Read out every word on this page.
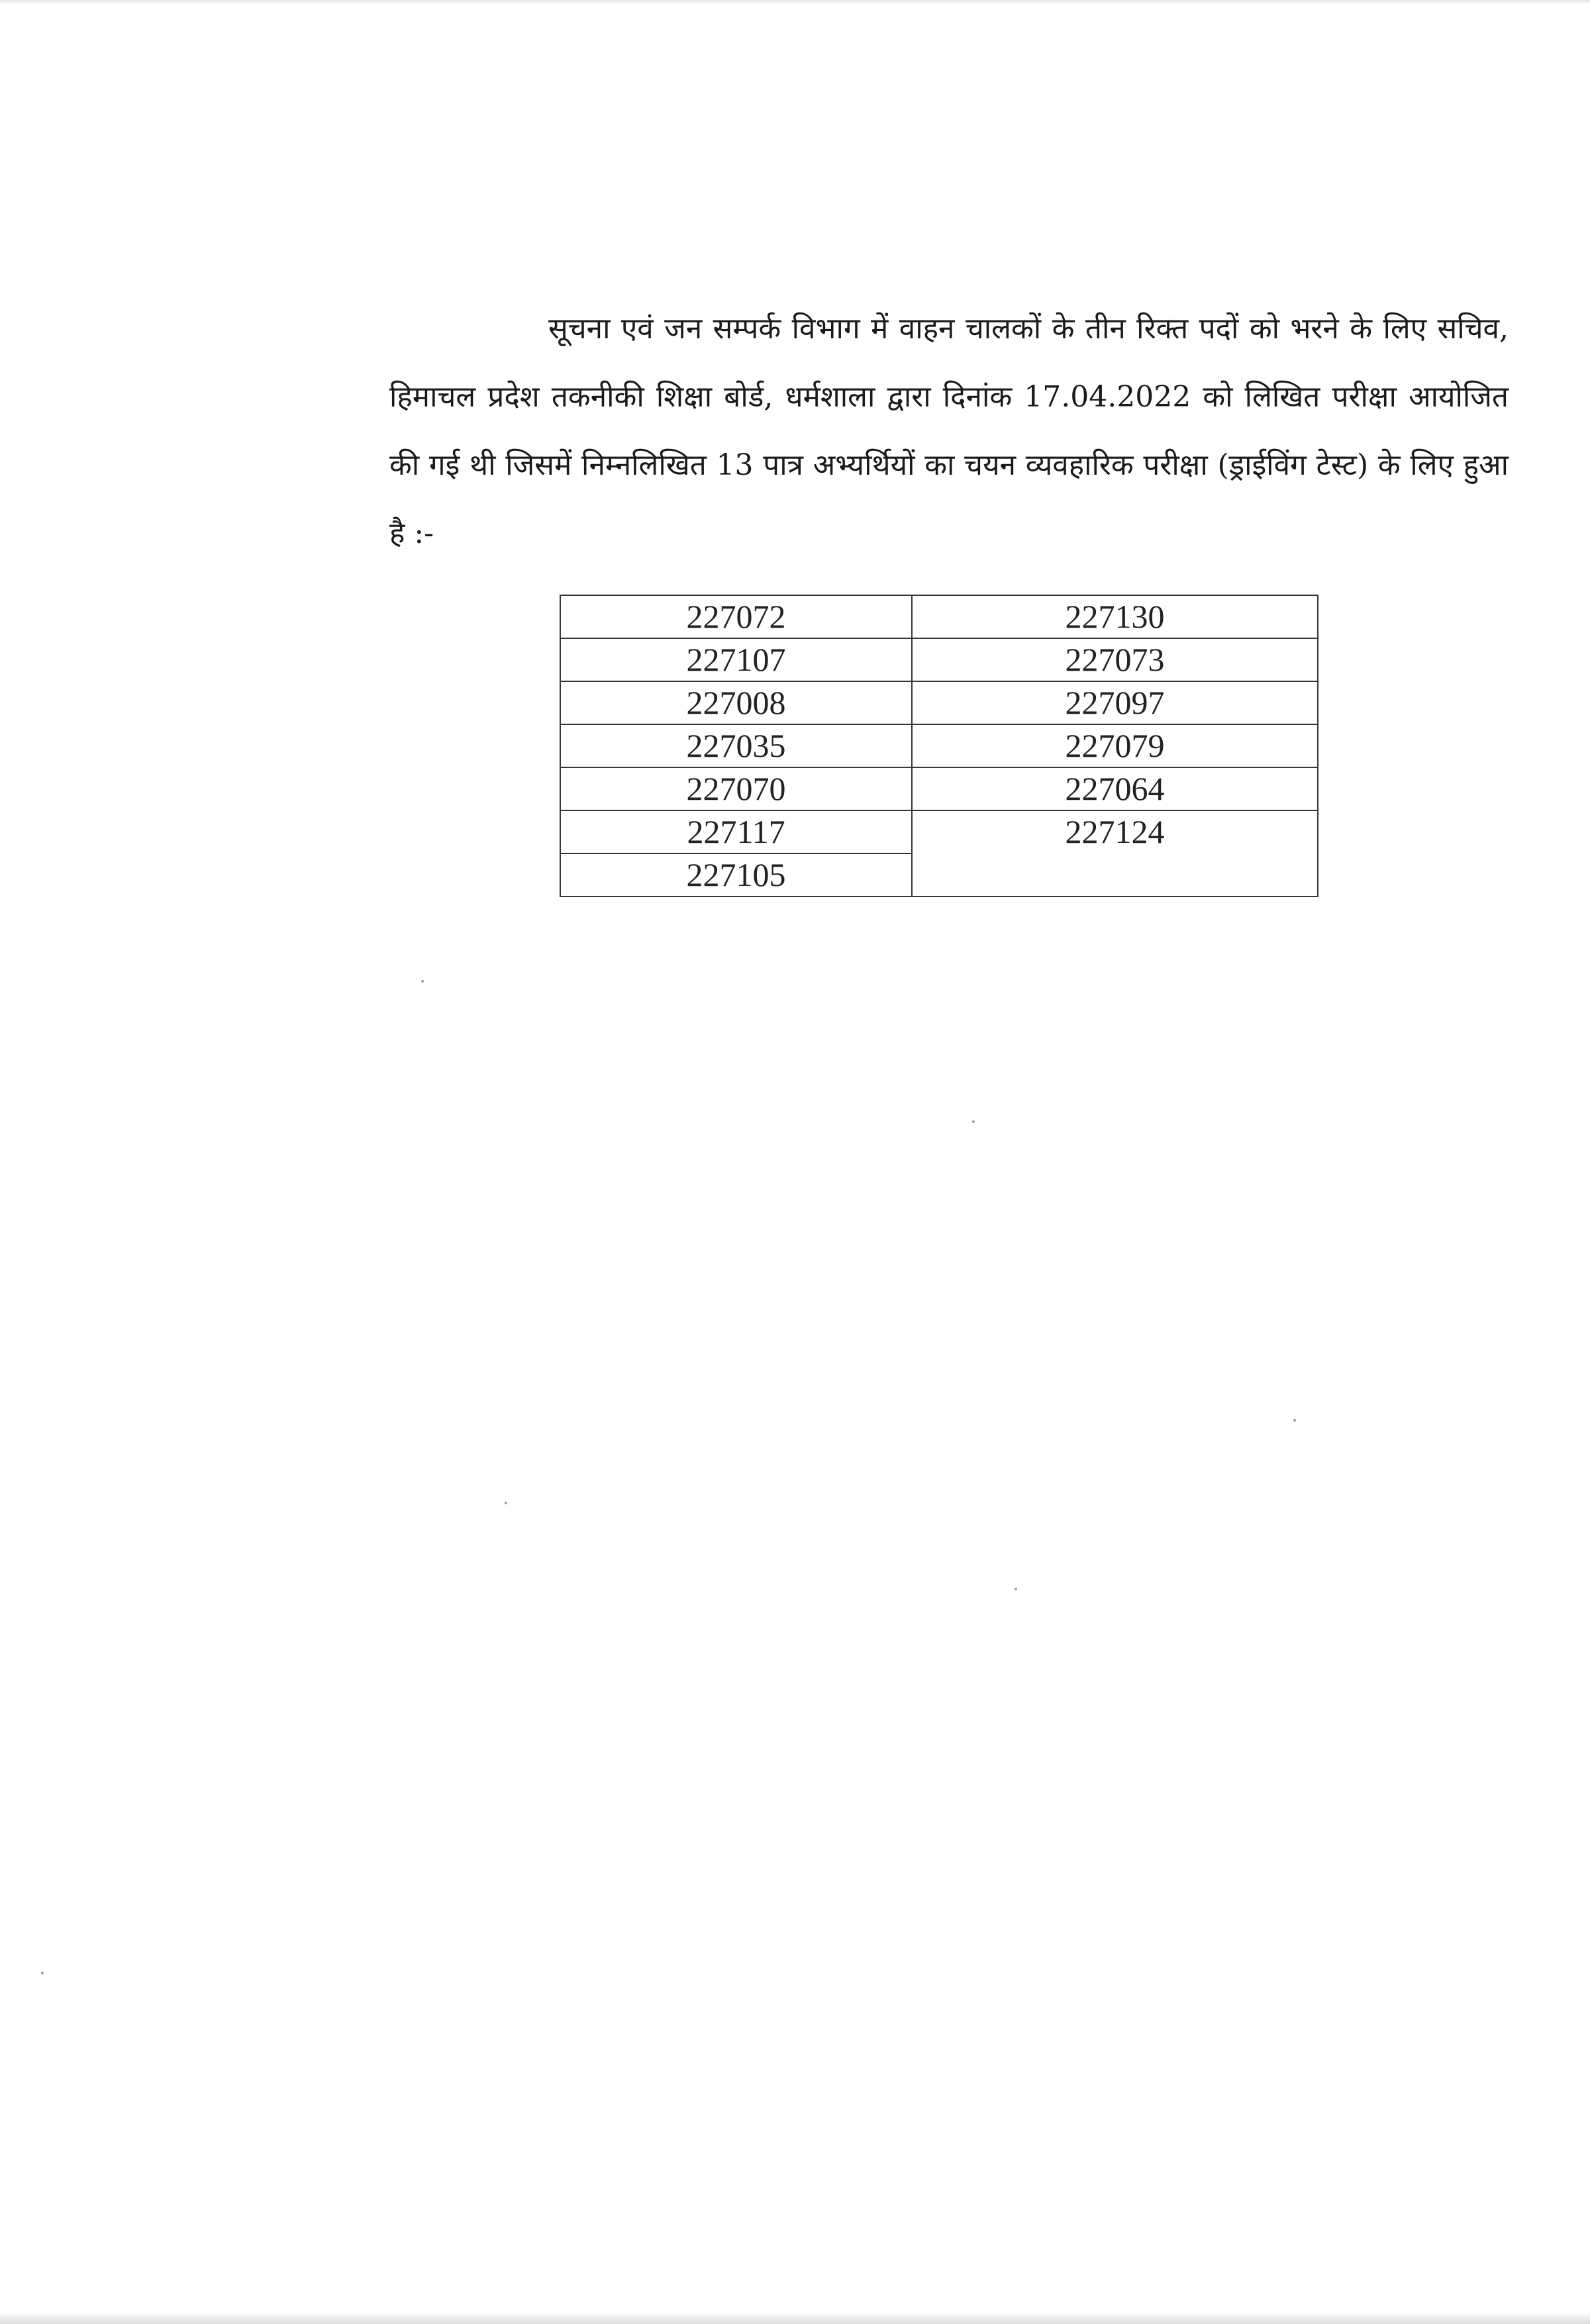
सूचना एवं जन सम्पर्क विभाग में वाहन चालकों के तीन रिक्त पदों को भरने के लिए सचिव, हिमाचल प्रदेश तकनीकी शिक्षा बोर्ड, धर्मशाला द्वारा दिनांक 17.04.2022 को लिखित परीक्षा आयोजित की गई थी जिसमें निम्नलिखित 13 पात्र अभ्यर्थियों का चयन व्यवहारिक परीक्षा (ड्राईविंग टेस्ट) के लिए हुआ है :-

227072	227130
227107	227073
227008	227097
227035	227079
227070	227064
227117	227124
227105	
